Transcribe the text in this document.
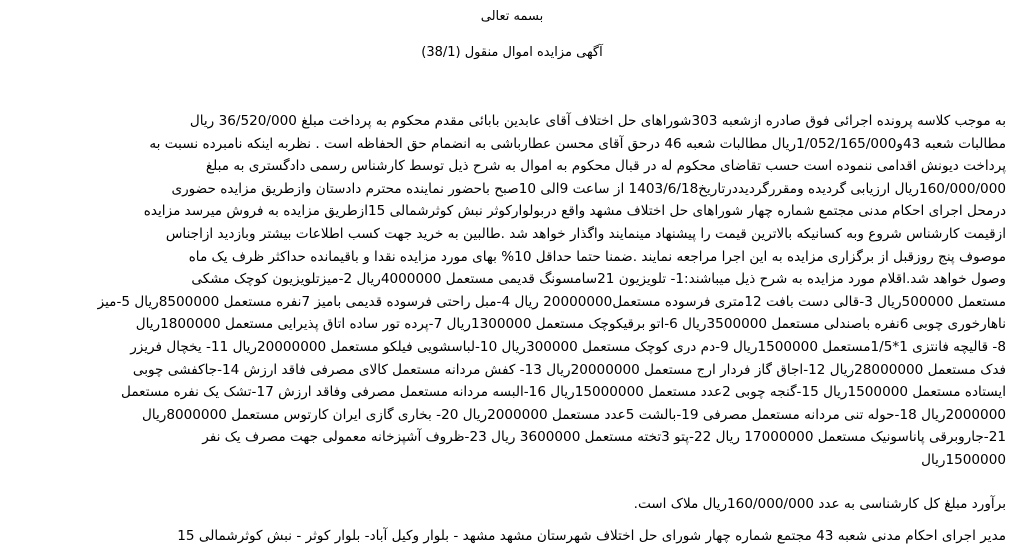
بسمه تعالی
آگهی مزایده اموال منقول (38/1)

به موجب کلاسه پرونده اجرائی فوق صادره ازشعبه 303شوراهای حل اختلاف آقای عابدین بابائی مقدم محکوم به پرداخت مبلغ 36/520/000 ریال

مطالبات شعبه 43و1/052/165/000ریال مطالبات شعبه 46 درحق آقای محسن عطارباشی به انضمام حق الحفاظه است . نظربه اینکه نامبرده نسبت به

پرداخت دیونش اقدامی ننموده است حسب تقاضای محکوم له در قبال محکوم به اموال به شرح ذیل توسط کارشناس رسمی دادگستری به مبلغ

160/000/000ریال ارزیابی گردیده ومقررگردیددرتاریخ1403/6/18 از ساعت 9الی 10صبح باحضور نماینده محترم دادستان وازطریق مزایده حضوری

درمحل اجرای احکام مدنی مجتمع شماره چهار شوراهای حل اختلاف مشهد واقع دربولوارکوثر نبش کوثرشمالی 15ازطریق مزایده به فروش میرسد مزایده

ازقیمت کارشناس شروع وبه کسانیکه بالاترین قیمت را پیشنهاد مینمایند واگذار خواهد شد .طالبین به خرید جهت کسب اطلاعات بیشتر وبازدید ازاجناس

موصوف پنج روزقبل از برگزاری مزایده به این اجرا مراجعه نمایند .ضمنا حتما حداقل 10% بهای مورد مزایده نقدا و باقیمانده حداکثر ظرف یک ماه

وصول خواهد شد.اقلام مورد مزایده به شرح ذیل میباشند:1- تلویزیون 21سامسونگ قدیمی مستعمل 4000000ریال 2-میزتلویزیون کوچک مشکی

مستعمل 500000ریال 3-قالی دست بافت 12متری فرسوده مستعمل20000000 ریال 4-مبل راحتی فرسوده قدیمی بامیز 7نفره مستعمل 8500000ریال 5-میز

ناهارخوری چوبی 6نفره باصندلی مستعمل 3500000ریال 6-اتو برقیکوچک مستعمل 1300000ریال 7-پرده تور ساده اتاق پذیرایی مستعمل 1800000ریال

8- قالیچه فانتزی 1*1/5مستعمل 1500000ریال 9-دم دری کوچک مستعمل 300000ریال 10-لباسشویی فیلکو مستعمل 20000000ریال 11- یخچال فریزر

فدک مستعمل 28000000ریال 12-اجاق گاز فردار ارج مستعمل 20000000ریال 13- کفش مردانه مستعمل کالای مصرفی فاقد ارزش 14-جاکفشی چوبی

ایستاده مستعمل 1500000ریال 15-گنجه چوبی 2عدد مستعمل 15000000ریال 16-البسه مردانه مستعمل مصرفی وفاقد ارزش 17-تشک یک نفره مستعمل

2000000ریال 18-حوله تنی مردانه مستعمل مصرفی 19-بالشت 5عدد مستعمل 2000000ریال 20- بخاری گازی ایران کارتوس مستعمل 8000000ریال

21-جاروبرقی پاناسونیک مستعمل 17000000 ریال 22-پتو 3تخته مستعمل 3600000 ریال 23-ظروف آشپزخانه معمولی جهت مصرف یک نفر

1500000ریال

برآورد مبلغ کل کارشناسی به عدد 160/000/000ریال ملاک است.
مدیر اجرای احکام مدنی شعبه 43 مجتمع شماره چهار شورای حل اختلاف شهرستان مشهد مشهد - بلوار وکیل آباد- بلوار کوثر - نبش کوثرشمالی 15
